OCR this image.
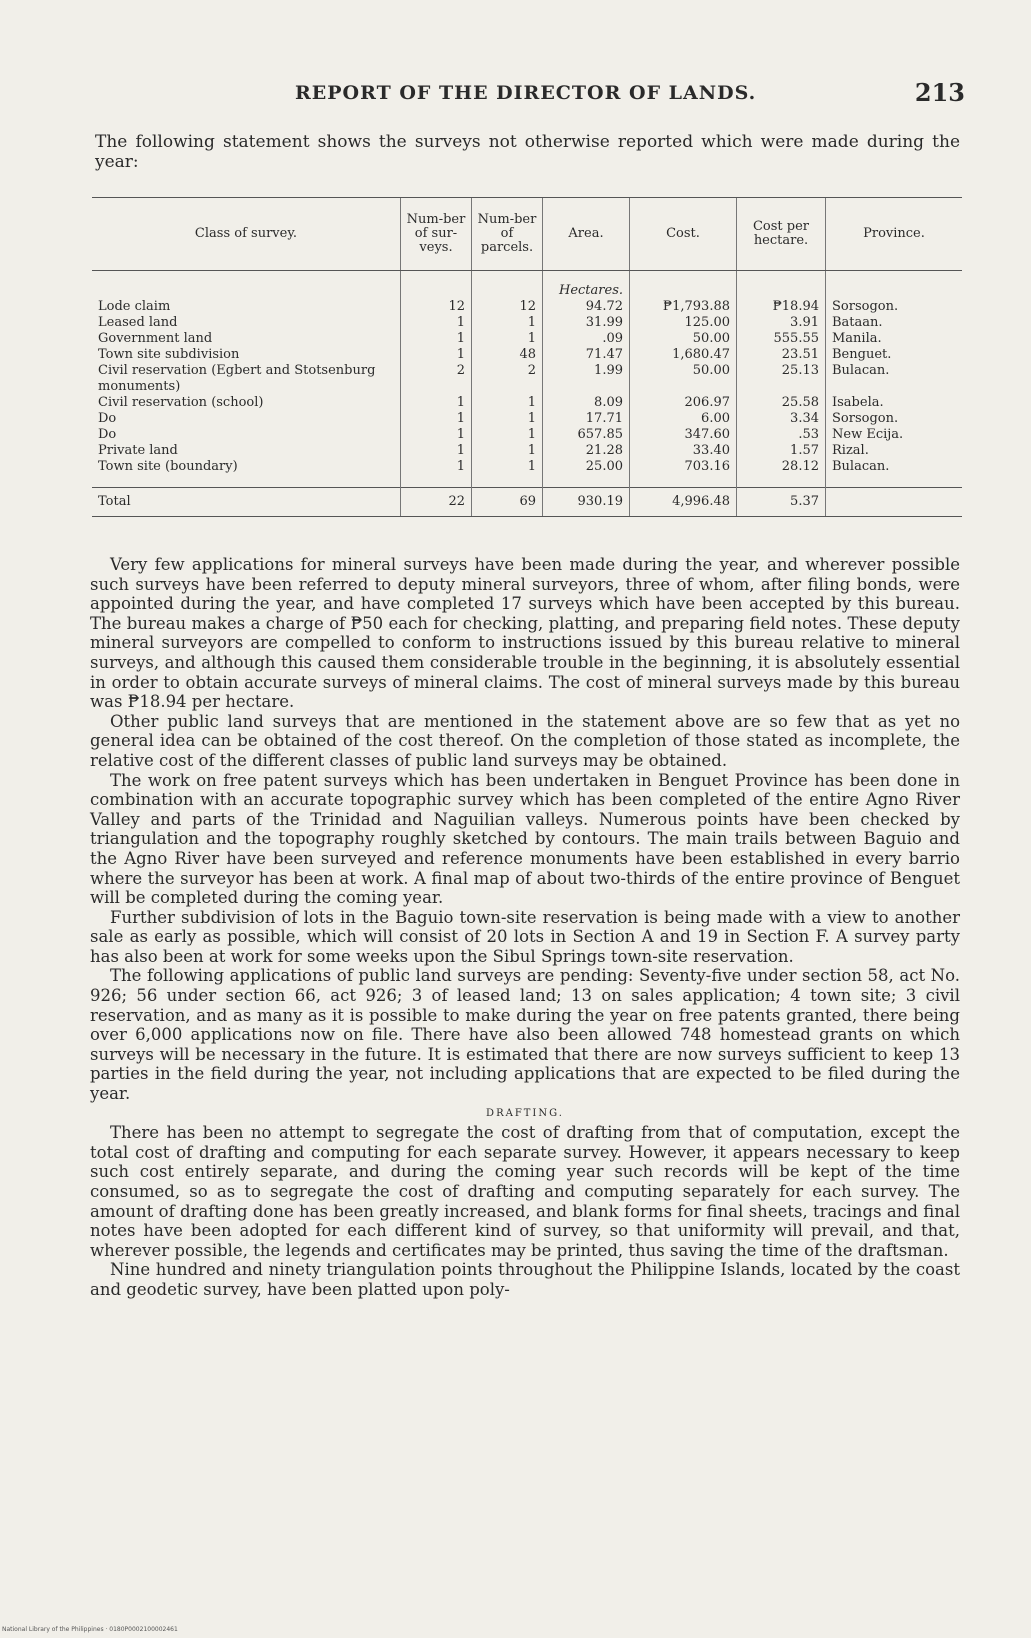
REPORT OF THE DIRECTOR OF LANDS.	213
The following statement shows the surveys not otherwise reported which were made during the year:
Class of survey.	Num-ber of sur-veys.	Num-ber of parcels.	Area.	Cost.	Cost per hectare.	Province.

			Hectares.			
Lode claim	12	12	94.72	₱1,793.88	₱18.94	Sorsogon.
Leased land	1	1	31.99	125.00	3.91	Bataan.
Government land	1	1	.09	50.00	555.55	Manila.
Town site subdivision	1	48	71.47	1,680.47	23.51	Benguet.
Civil reservation (Egbert and Stotsenburg monuments)	2	2	1.99	50.00	25.13	Bulacan.
Civil reservation (school)	1	1	8.09	206.97	25.58	Isabela.
Do	1	1	17.71	6.00	3.34	Sorsogon.
Do	1	1	657.85	347.60	.53	New Ecija.
Private land	1	1	21.28	33.40	1.57	Rizal.
Town site (boundary)	1	1	25.00	703.16	28.12	Bulacan.

Total	22	69	930.19	4,996.48	5.37	

Very few applications for mineral surveys have been made during the year, and wherever possible such surveys have been referred to deputy mineral surveyors, three of whom, after filing bonds, were appointed during the year, and have completed 17 surveys which have been accepted by this bureau. The bureau makes a charge of ₱50 each for checking, platting, and preparing field notes. These deputy mineral surveyors are compelled to conform to instructions issued by this bureau relative to mineral surveys, and although this caused them considerable trouble in the beginning, it is absolutely essential in order to obtain accurate surveys of mineral claims. The cost of mineral surveys made by this bureau was ₱18.94 per hectare.

Other public land surveys that are mentioned in the statement above are so few that as yet no general idea can be obtained of the cost thereof. On the completion of those stated as incomplete, the relative cost of the different classes of public land surveys may be obtained.

The work on free patent surveys which has been undertaken in Benguet Province has been done in combination with an accurate topographic survey which has been completed of the entire Agno River Valley and parts of the Trinidad and Naguilian valleys. Numerous points have been checked by triangulation and the topography roughly sketched by contours. The main trails between Baguio and the Agno River have been surveyed and reference monuments have been established in every barrio where the surveyor has been at work. A final map of about two-thirds of the entire province of Benguet will be completed during the coming year.

Further subdivision of lots in the Baguio town-site reservation is being made with a view to another sale as early as possible, which will consist of 20 lots in Section A and 19 in Section F. A survey party has also been at work for some weeks upon the Sibul Springs town-site reservation.

The following applications of public land surveys are pending: Seventy-five under section 58, act No. 926; 56 under section 66, act 926; 3 of leased land; 13 on sales application; 4 town site; 3 civil reservation, and as many as it is possible to make during the year on free patents granted, there being over 6,000 applications now on file. There have also been allowed 748 homestead grants on which surveys will be necessary in the future. It is estimated that there are now surveys sufficient to keep 13 parties in the field during the year, not including applications that are expected to be filed during the year.

DRAFTING.

There has been no attempt to segregate the cost of drafting from that of computation, except the total cost of drafting and computing for each separate survey. However, it appears necessary to keep such cost entirely separate, and during the coming year such records will be kept of the time consumed, so as to segregate the cost of drafting and computing separately for each survey. The amount of drafting done has been greatly increased, and blank forms for final sheets, tracings and final notes have been adopted for each different kind of survey, so that uniformity will prevail, and that, wherever possible, the legends and certificates may be printed, thus saving the time of the draftsman.

Nine hundred and ninety triangulation points throughout the Philippine Islands, located by the coast and geodetic survey, have been platted upon poly-

National Library of the Philippines · 0180P0002100002461
